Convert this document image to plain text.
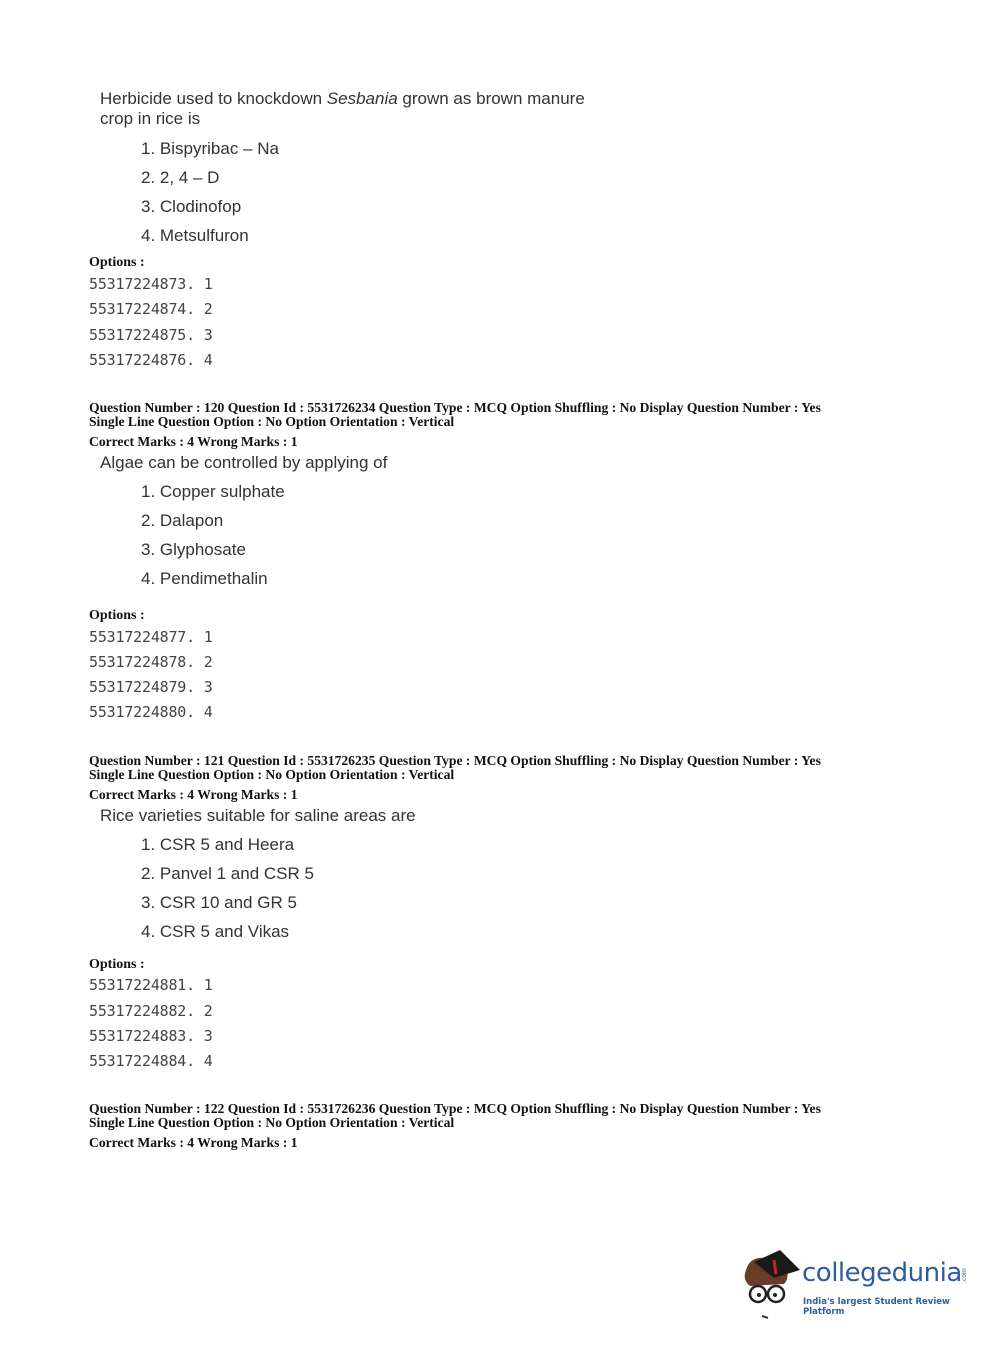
Herbicide used to knockdown Sesbania grown as brown manure
crop in rice is
1. Bispyribac – Na
2. 2, 4 – D
3. Clodinofop
4. Metsulfuron
Options :
55317224873. 1
55317224874. 2
55317224875. 3
55317224876. 4
Question Number : 120 Question Id : 5531726234 Question Type : MCQ Option Shuffling : No Display Question Number : Yes
Single Line Question Option : No Option Orientation : Vertical
Correct Marks : 4 Wrong Marks : 1
Algae can be controlled by applying of
1. Copper sulphate
2. Dalapon
3. Glyphosate
4. Pendimethalin
Options :
55317224877. 1
55317224878. 2
55317224879. 3
55317224880. 4
Question Number : 121 Question Id : 5531726235 Question Type : MCQ Option Shuffling : No Display Question Number : Yes
Single Line Question Option : No Option Orientation : Vertical
Correct Marks : 4 Wrong Marks : 1
Rice varieties suitable for saline areas are
1. CSR 5 and Heera
2. Panvel 1 and CSR 5
3. CSR 10 and GR 5
4. CSR 5 and Vikas
Options :
55317224881. 1
55317224882. 2
55317224883. 3
55317224884. 4
Question Number : 122 Question Id : 5531726236 Question Type : MCQ Option Shuffling : No Display Question Number : Yes
Single Line Question Option : No Option Orientation : Vertical
Correct Marks : 4 Wrong Marks : 1
collegedunia .com
India's largest Student Review Platform
